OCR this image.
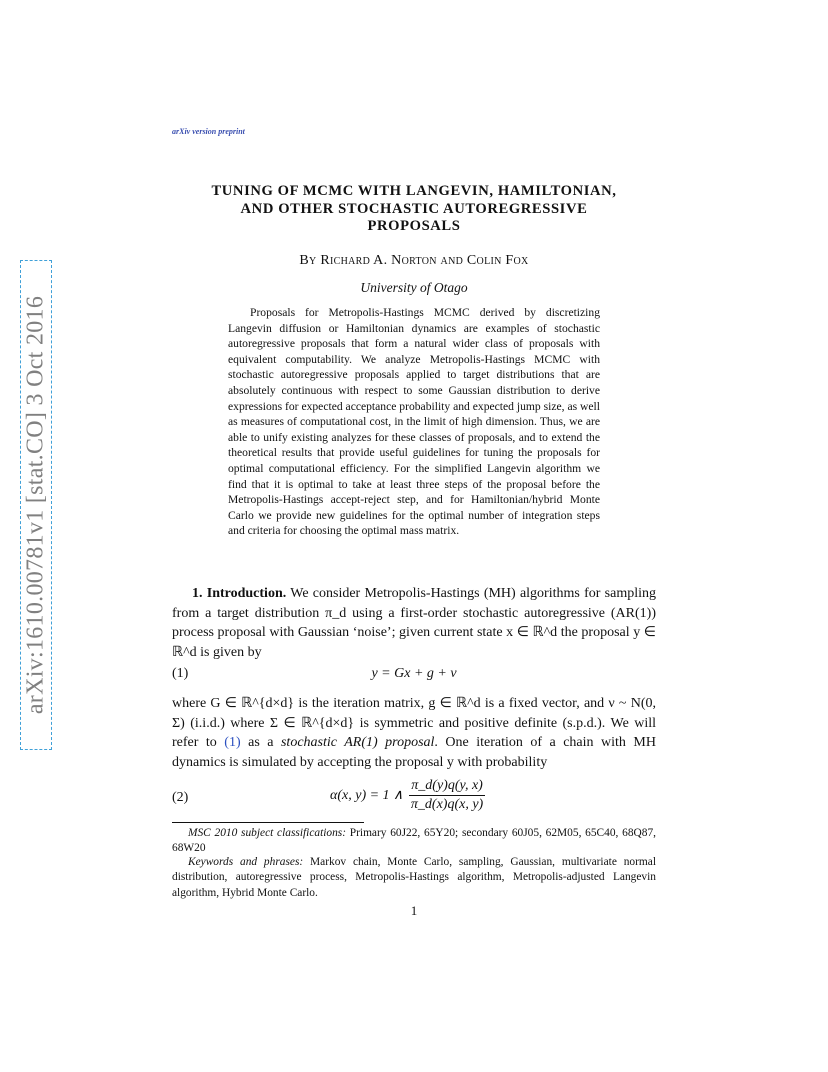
arXiv:1610.00781v1 [stat.CO] 3 Oct 2016
arXiv version preprint
TUNING OF MCMC WITH LANGEVIN, HAMILTONIAN,
AND OTHER STOCHASTIC AUTOREGRESSIVE
PROPOSALS
By Richard A. Norton and Colin Fox
University of Otago

Proposals for Metropolis-Hastings MCMC derived by discretizing Langevin diffusion or Hamiltonian dynamics are examples of stochastic autoregressive proposals that form a natural wider class of proposals with equivalent computability. We analyze Metropolis-Hastings MCMC with stochastic autoregressive proposals applied to target distributions that are absolutely continuous with respect to some Gaussian distribution to derive expressions for expected acceptance probability and expected jump size, as well as measures of computational cost, in the limit of high dimension. Thus, we are able to unify existing analyzes for these classes of proposals, and to extend the theoretical results that provide useful guidelines for tuning the proposals for optimal computational efficiency. For the simplified Langevin algorithm we find that it is optimal to take at least three steps of the proposal before the Metropolis-Hastings accept-reject step, and for Hamiltonian/hybrid Monte Carlo we provide new guidelines for the optimal number of integration steps and criteria for choosing the optimal mass matrix.

1. Introduction. We consider Metropolis-Hastings (MH) algorithms for sampling from a target distribution π_d using a first-order stochastic autoregressive (AR(1)) process proposal with Gaussian ‘noise’; given current state x ∈ ℝ^d the proposal y ∈ ℝ^d is given by

(1)	y = Gx + g + ν

where G ∈ ℝ^{d×d} is the iteration matrix, g ∈ ℝ^d is a fixed vector, and ν ~ N(0, Σ) (i.i.d.) where Σ ∈ ℝ^{d×d} is symmetric and positive definite (s.p.d.). We will refer to (1) as a stochastic AR(1) proposal. One iteration of a chain with MH dynamics is simulated by accepting the proposal y with probability

(2)	α(x, y) = 1 ∧ $\frac{\pi\_d(y)q(y, x)}{\pi\_d(x)q(x, y)}$

MSC 2010 subject classifications: Primary 60J22, 65Y20; secondary 60J05, 62M05, 65C40, 68Q87, 68W20

Keywords and phrases: Markov chain, Monte Carlo, sampling, Gaussian, multivariate normal distribution, autoregressive process, Metropolis-Hastings algorithm, Metropolis-adjusted Langevin algorithm, Hybrid Monte Carlo.

1
